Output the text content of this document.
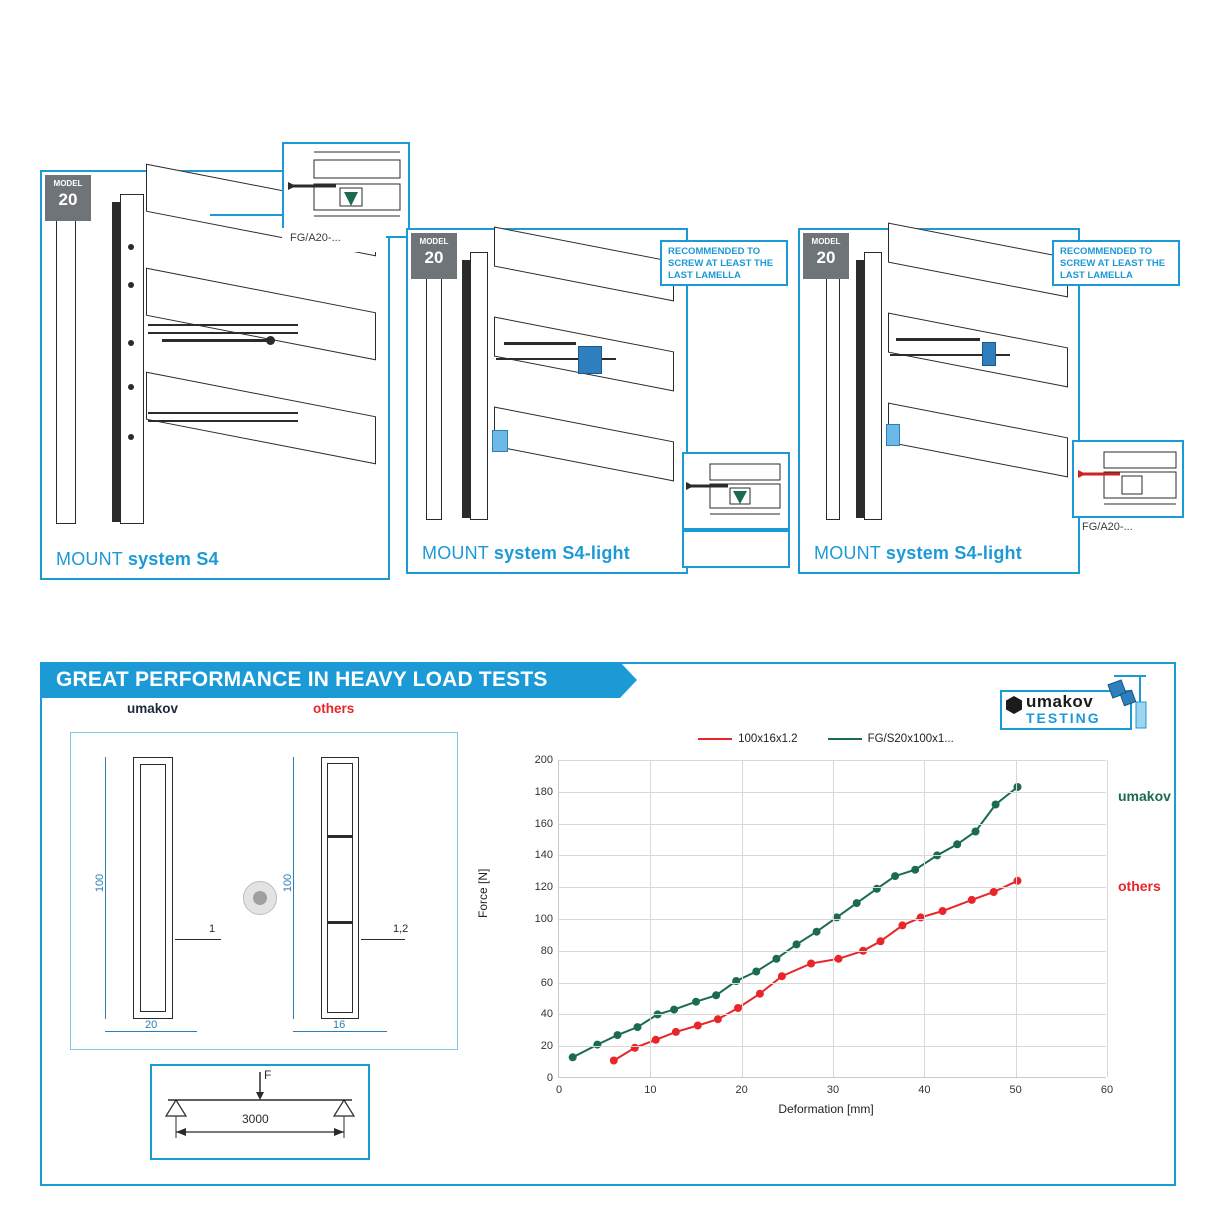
MOUNT system S4
MODEL
20
FG/A20-...
MOUNT system S4-light
MODEL
20	RECOMMENDED TO SCREW AT LEAST THE LAST LAMELLA
MOUNT system S4-light
MODEL
20	RECOMMENDED TO SCREW AT LEAST THE LAST LAMELLA
FG/A20-...
umakov
TESTING
umakov	others
100
20
1
100
16
1,2
F
3000
100x16x1.2	FG/S20x100x1...
0
20
40
60
80
100
120
140
160
180
200
0	10	20	30	40	50	60
Force [N]
Deformation [mm]
umakov
others
GREAT PERFORMANCE IN HEAVY LOAD TESTS
